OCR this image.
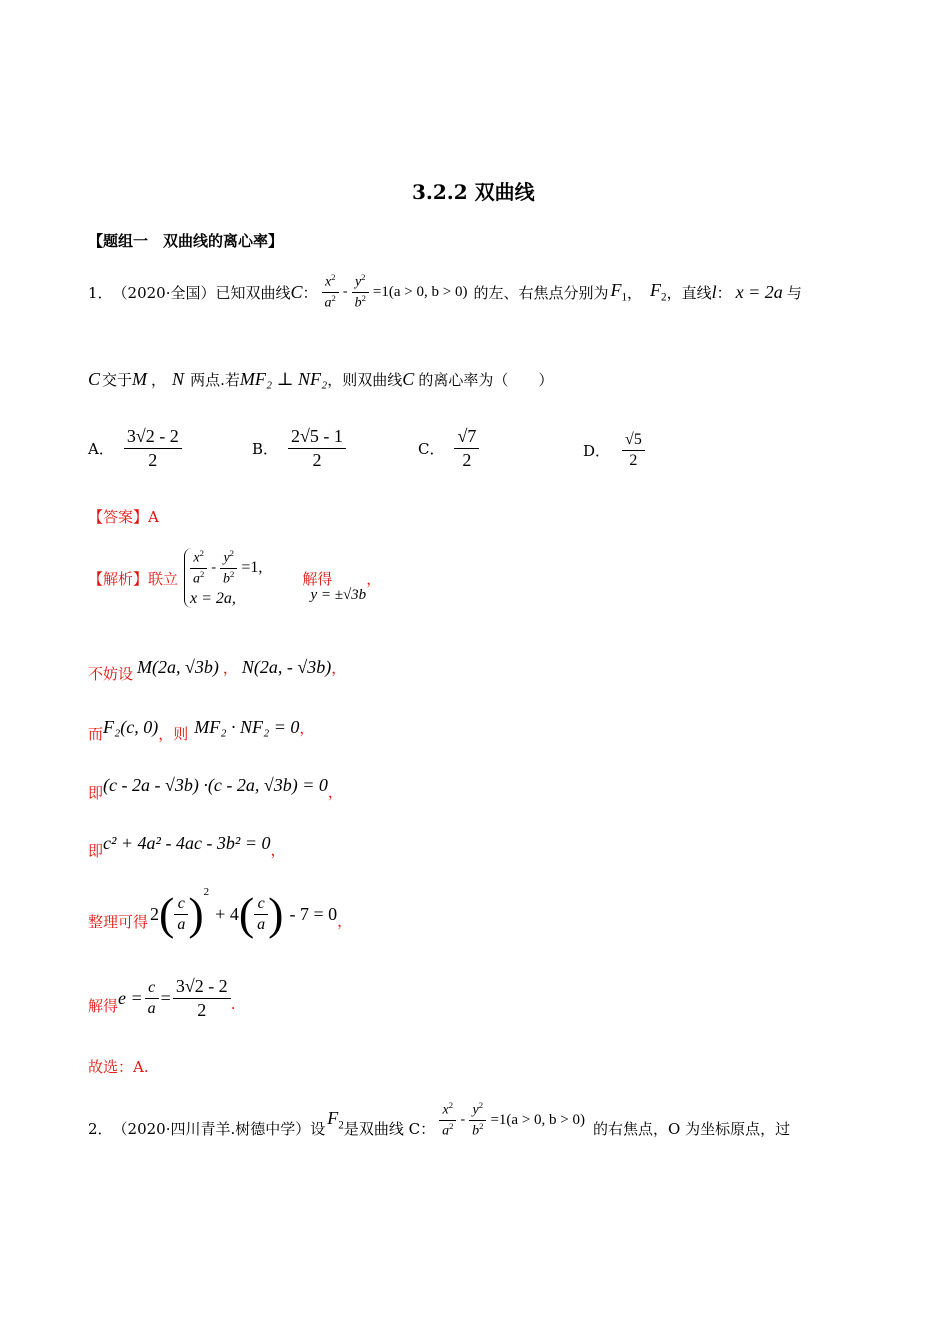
3.2.2 双曲线
【题组一　双曲线的离心率】
1． （2020·全国） 已知双曲线 C ： $\frac{x^2}{a^2} - \frac{y^2}{b^2} =1(a > 0$, b > 0) 的左、右焦点分别为 $F_1$ ， $F_2$ ，直线 l ： x = 2a 与
C 交于 M ， N 两点.若 MF₂ ⊥ NF₂ ，则双曲线 C 的离心率为（　　）
A． $\frac{3√2 - 2}{2}$	B． $\frac{2√5 - 1}{2}$	C． $\frac{√7}{2}$	D． $\frac{√5}{2}$
【答案】A
【解析】 联立 $\frac{x^2}{a^2} - \frac{y^2}{b^2} =1$,
x = 2a,
解得
y = ±√3b
，
不妨设 M(2a, √3b) ， N(2a, - √3b) ，
而 F₂(c, 0) ，则 MF₂ · NF₂ = 0 ，
即 (c - 2a - √3b) ·(c - 2a, √3b) = 0 ，
即 c² + 4a² - 4ac - 3b² = 0 ，
整理可得 2 ( $\frac{c}{a}$ ) 2
+ 4 ( $\frac{c}{a}$ ) - 7 = 0 ，
解得 $e = \frac{c}{a} = \frac{3√2 - 2}{2}$ .
故选：A.
2． （2020·四川青羊.树德中学） 设
$F_2$ 是双曲线 C： $\frac{x^2}{a^2} - \frac{y^2}{b^2} =1(a > 0$, b > 0) 的右焦点，O 为坐标原点，过
